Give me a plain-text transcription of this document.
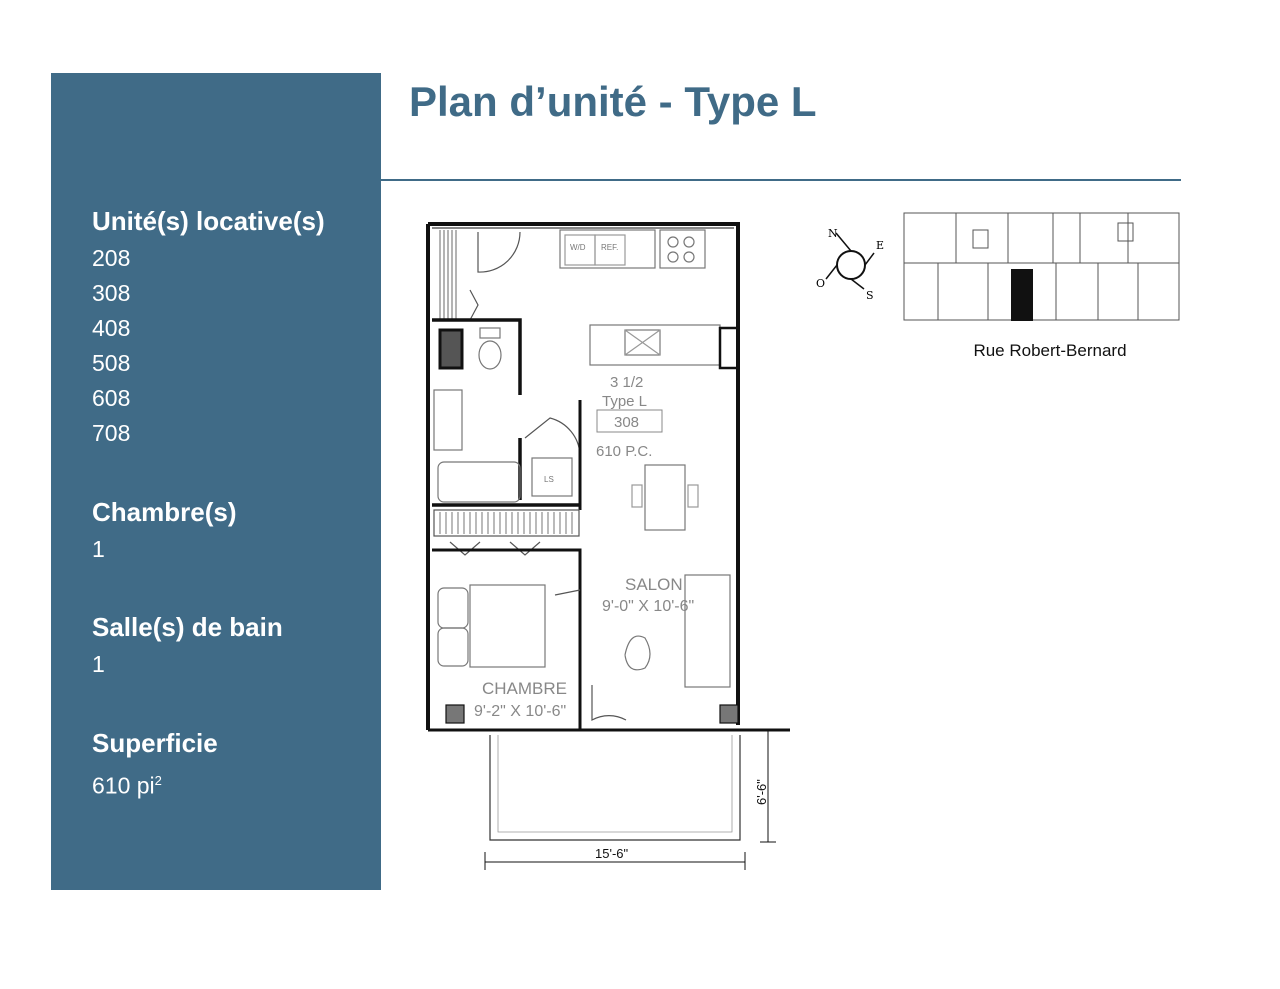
Unité(s) locative(s)
208
308
408
508
608
708
Chambre(s)
1
Salle(s) de bain
1
Superficie
610 $pi^2$
Plan d’unité - Type L
LS
W/D REF.
3 1/2
Type L
308
610 P.C.
SALON
9'-0" X 10'-6"
CHAMBRE
9'-2" X 10'-6"
6'-6"
15'-6"
N
E
S
O
Rue Robert-Bernard
